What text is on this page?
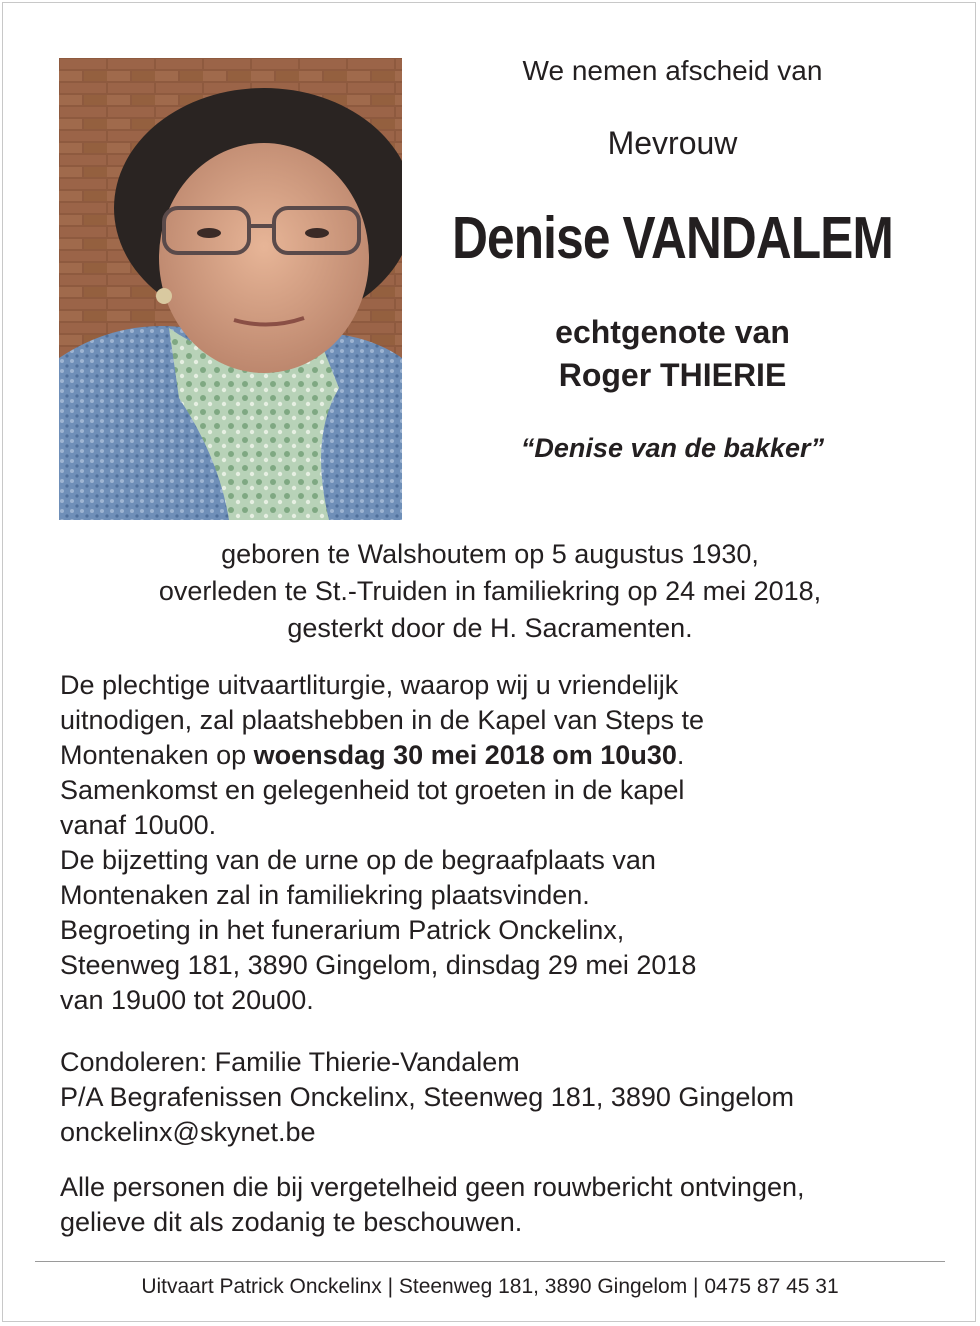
We nemen afscheid van
Mevrouw
Denise VANDALEM
echtgenote van
Roger THIERIE
“Denise van de bakker”
geboren te Walshoutem op 5 augustus 1930,
overleden te St.-Truiden in familiekring op 24 mei 2018,
gesterkt door de H. Sacramenten.
De plechtige uitvaartliturgie, waarop wij u vriendelijk
uitnodigen, zal plaatshebben in de Kapel van Steps te
Montenaken op woensdag 30 mei 2018 om 10u30.
Samenkomst en gelegenheid tot groeten in de kapel
vanaf 10u00.
De bijzetting van de urne op de begraafplaats van
Montenaken zal in familiekring plaatsvinden.
Begroeting in het funerarium Patrick Onckelinx,
Steenweg 181, 3890 Gingelom, dinsdag 29 mei 2018
van 19u00 tot 20u00.
Condoleren: Familie Thierie-Vandalem
P/A Begrafenissen Onckelinx, Steenweg 181, 3890 Gingelom
onckelinx@skynet.be
Alle personen die bij vergetelheid geen rouwbericht ontvingen,
gelieve dit als zodanig te beschouwen.
Uitvaart Patrick Onckelinx | Steenweg 181, 3890 Gingelom | 0475 87 45 31
